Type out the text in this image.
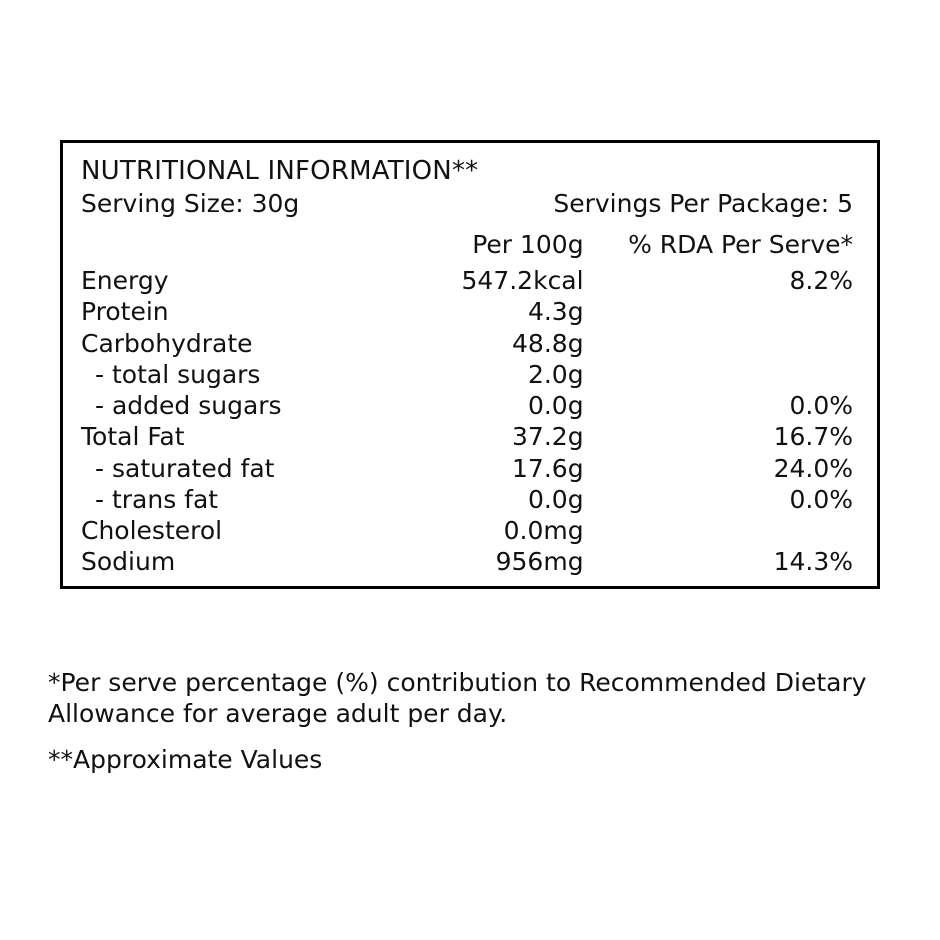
NUTRITIONAL INFORMATION**
Serving Size: 30g	Servings Per Package: 5
	Per 100g	% RDA Per Serve*
Energy	547.2kcal	8.2%
Protein	4.3g	
Carbohydrate	48.8g	
- total sugars	2.0g	
- added sugars	0.0g	0.0%
Total Fat	37.2g	16.7%
- saturated fat	17.6g	24.0%
- trans fat	0.0g	0.0%
Cholesterol	0.0mg	
Sodium	956mg	14.3%

*Per serve percentage (%) contribution to Recommended Dietary Allowance for average adult per day.

**Approximate Values
